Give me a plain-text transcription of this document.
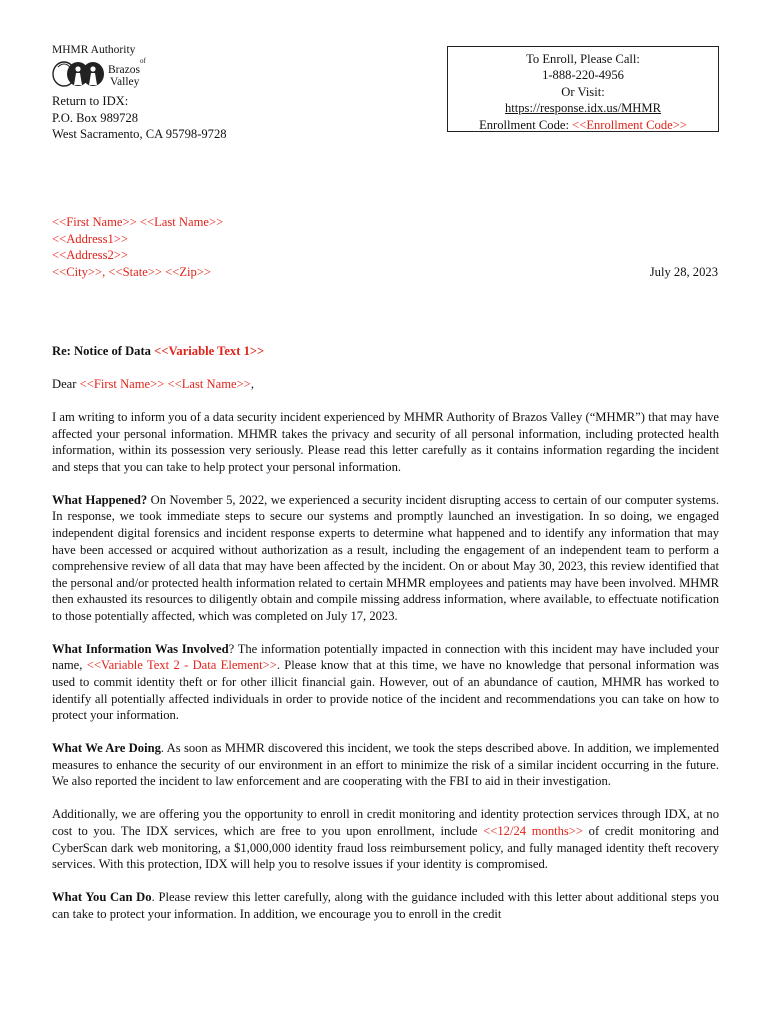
MHMR Authority
of
Brazos
Valley
Return to IDX:
P.O. Box 989728
West Sacramento, CA 95798-9728
To Enroll, Please Call:
1-888-220-4956
Or Visit:
https://response.idx.us/MHMR
Enrollment Code: <<Enrollment Code>>
<<First Name>> <<Last Name>>
<<Address1>>
<<Address2>>
<<City>>, <<State>> <<Zip>>	July 28, 2023

Re: Notice of Data <<Variable Text 1>>

Dear <<First Name>> <<Last Name>>,

I am writing to inform you of a data security incident experienced by MHMR Authority of Brazos Valley (“MHMR”) that may have affected your personal information. MHMR takes the privacy and security of all personal information, including protected health information, within its possession very seriously. Please read this letter carefully as it contains information regarding the incident and steps that you can take to help protect your personal information.

What Happened? On November 5, 2022, we experienced a security incident disrupting access to certain of our computer systems. In response, we took immediate steps to secure our systems and promptly launched an investigation. In so doing, we engaged independent digital forensics and incident response experts to determine what happened and to identify any information that may have been accessed or acquired without authorization as a result, including the engagement of an independent team to perform a comprehensive review of all data that may have been affected by the incident. On or about May 30, 2023, this review identified that the personal and/or protected health information related to certain MHMR employees and patients may have been involved. MHMR then exhausted its resources to diligently obtain and compile missing address information, where available, to effectuate notification to those potentially affected, which was completed on July 17, 2023.

What Information Was Involved? The information potentially impacted in connection with this incident may have included your name, <<Variable Text 2 - Data Element>>. Please know that at this time, we have no knowledge that personal information was used to commit identity theft or for other illicit financial gain. However, out of an abundance of caution, MHMR has worked to identify all potentially affected individuals in order to provide notice of the incident and recommendations you can take on how to protect your information.

What We Are Doing. As soon as MHMR discovered this incident, we took the steps described above. In addition, we implemented measures to enhance the security of our environment in an effort to minimize the risk of a similar incident occurring in the future. We also reported the incident to law enforcement and are cooperating with the FBI to aid in their investigation.

Additionally, we are offering you the opportunity to enroll in credit monitoring and identity protection services through IDX, at no cost to you. The IDX services, which are free to you upon enrollment, include <<12/24 months>> of credit monitoring and CyberScan dark web monitoring, a $1,000,000 identity fraud loss reimbursement policy, and fully managed identity theft recovery services. With this protection, IDX will help you to resolve issues if your identity is compromised.

What You Can Do. Please review this letter carefully, along with the guidance included with this letter about additional steps you can take to protect your information. In addition, we encourage you to enroll in the credit
